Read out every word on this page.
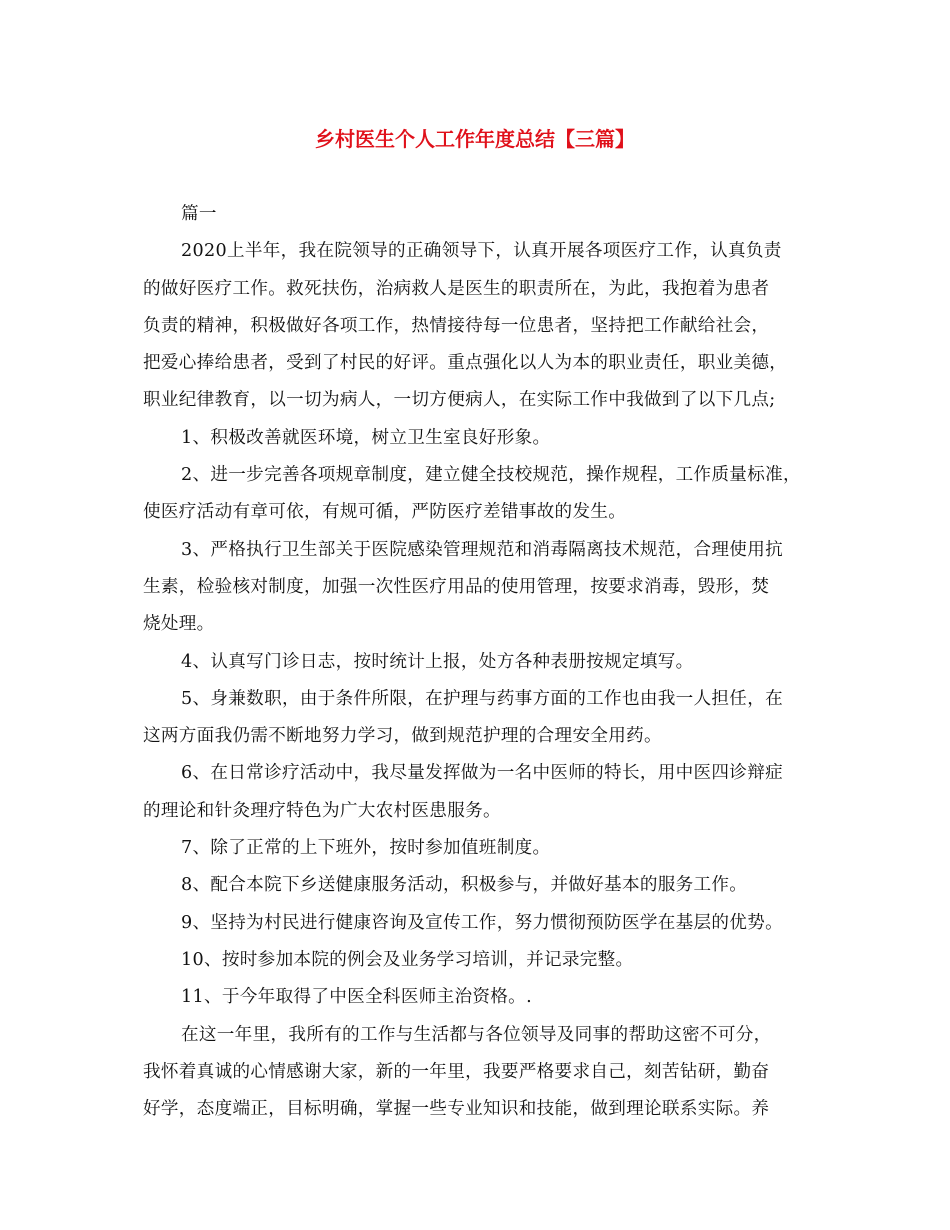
乡村医生个人工作年度总结【三篇】

篇一

2020上半年，我在院领导的正确领导下，认真开展各项医疗工作，认真负责
的做好医疗工作。救死扶伤，治病救人是医生的职责所在，为此，我抱着为患者
负责的精神，积极做好各项工作，热情接待每一位患者，坚持把工作献给社会，
把爱心捧给患者，受到了村民的好评。重点强化以人为本的职业责任，职业美德，
职业纪律教育，以一切为病人，一切方便病人，在实际工作中我做到了以下几点;

1、积极改善就医环境，树立卫生室良好形象。

2、进一步完善各项规章制度，建立健全技校规范，操作规程，工作质量标准，
使医疗活动有章可依，有规可循，严防医疗差错事故的发生。

3、严格执行卫生部关于医院感染管理规范和消毒隔离技术规范，合理使用抗
生素，检验核对制度，加强一次性医疗用品的使用管理，按要求消毒，毁形，焚
烧处理。

4、认真写门诊日志，按时统计上报，处方各种表册按规定填写。

5、身兼数职，由于条件所限，在护理与药事方面的工作也由我一人担任，在
这两方面我仍需不断地努力学习，做到规范护理的合理安全用药。

6、在日常诊疗活动中，我尽量发挥做为一名中医师的特长，用中医四诊辩症
的理论和针灸理疗特色为广大农村医患服务。

7、除了正常的上下班外，按时参加值班制度。

8、配合本院下乡送健康服务活动，积极参与，并做好基本的服务工作。

9、坚持为村民进行健康咨询及宣传工作，努力惯彻预防医学在基层的优势。

10、按时参加本院的例会及业务学习培训，并记录完整。

11、于今年取得了中医全科医师主治资格。.

在这一年里，我所有的工作与生活都与各位领导及同事的帮助这密不可分，
我怀着真诚的心情感谢大家，新的一年里，我要严格要求自己，刻苦钻研，勤奋
好学，态度端正，目标明确，掌握一些专业知识和技能，做到理论联系实际。养
